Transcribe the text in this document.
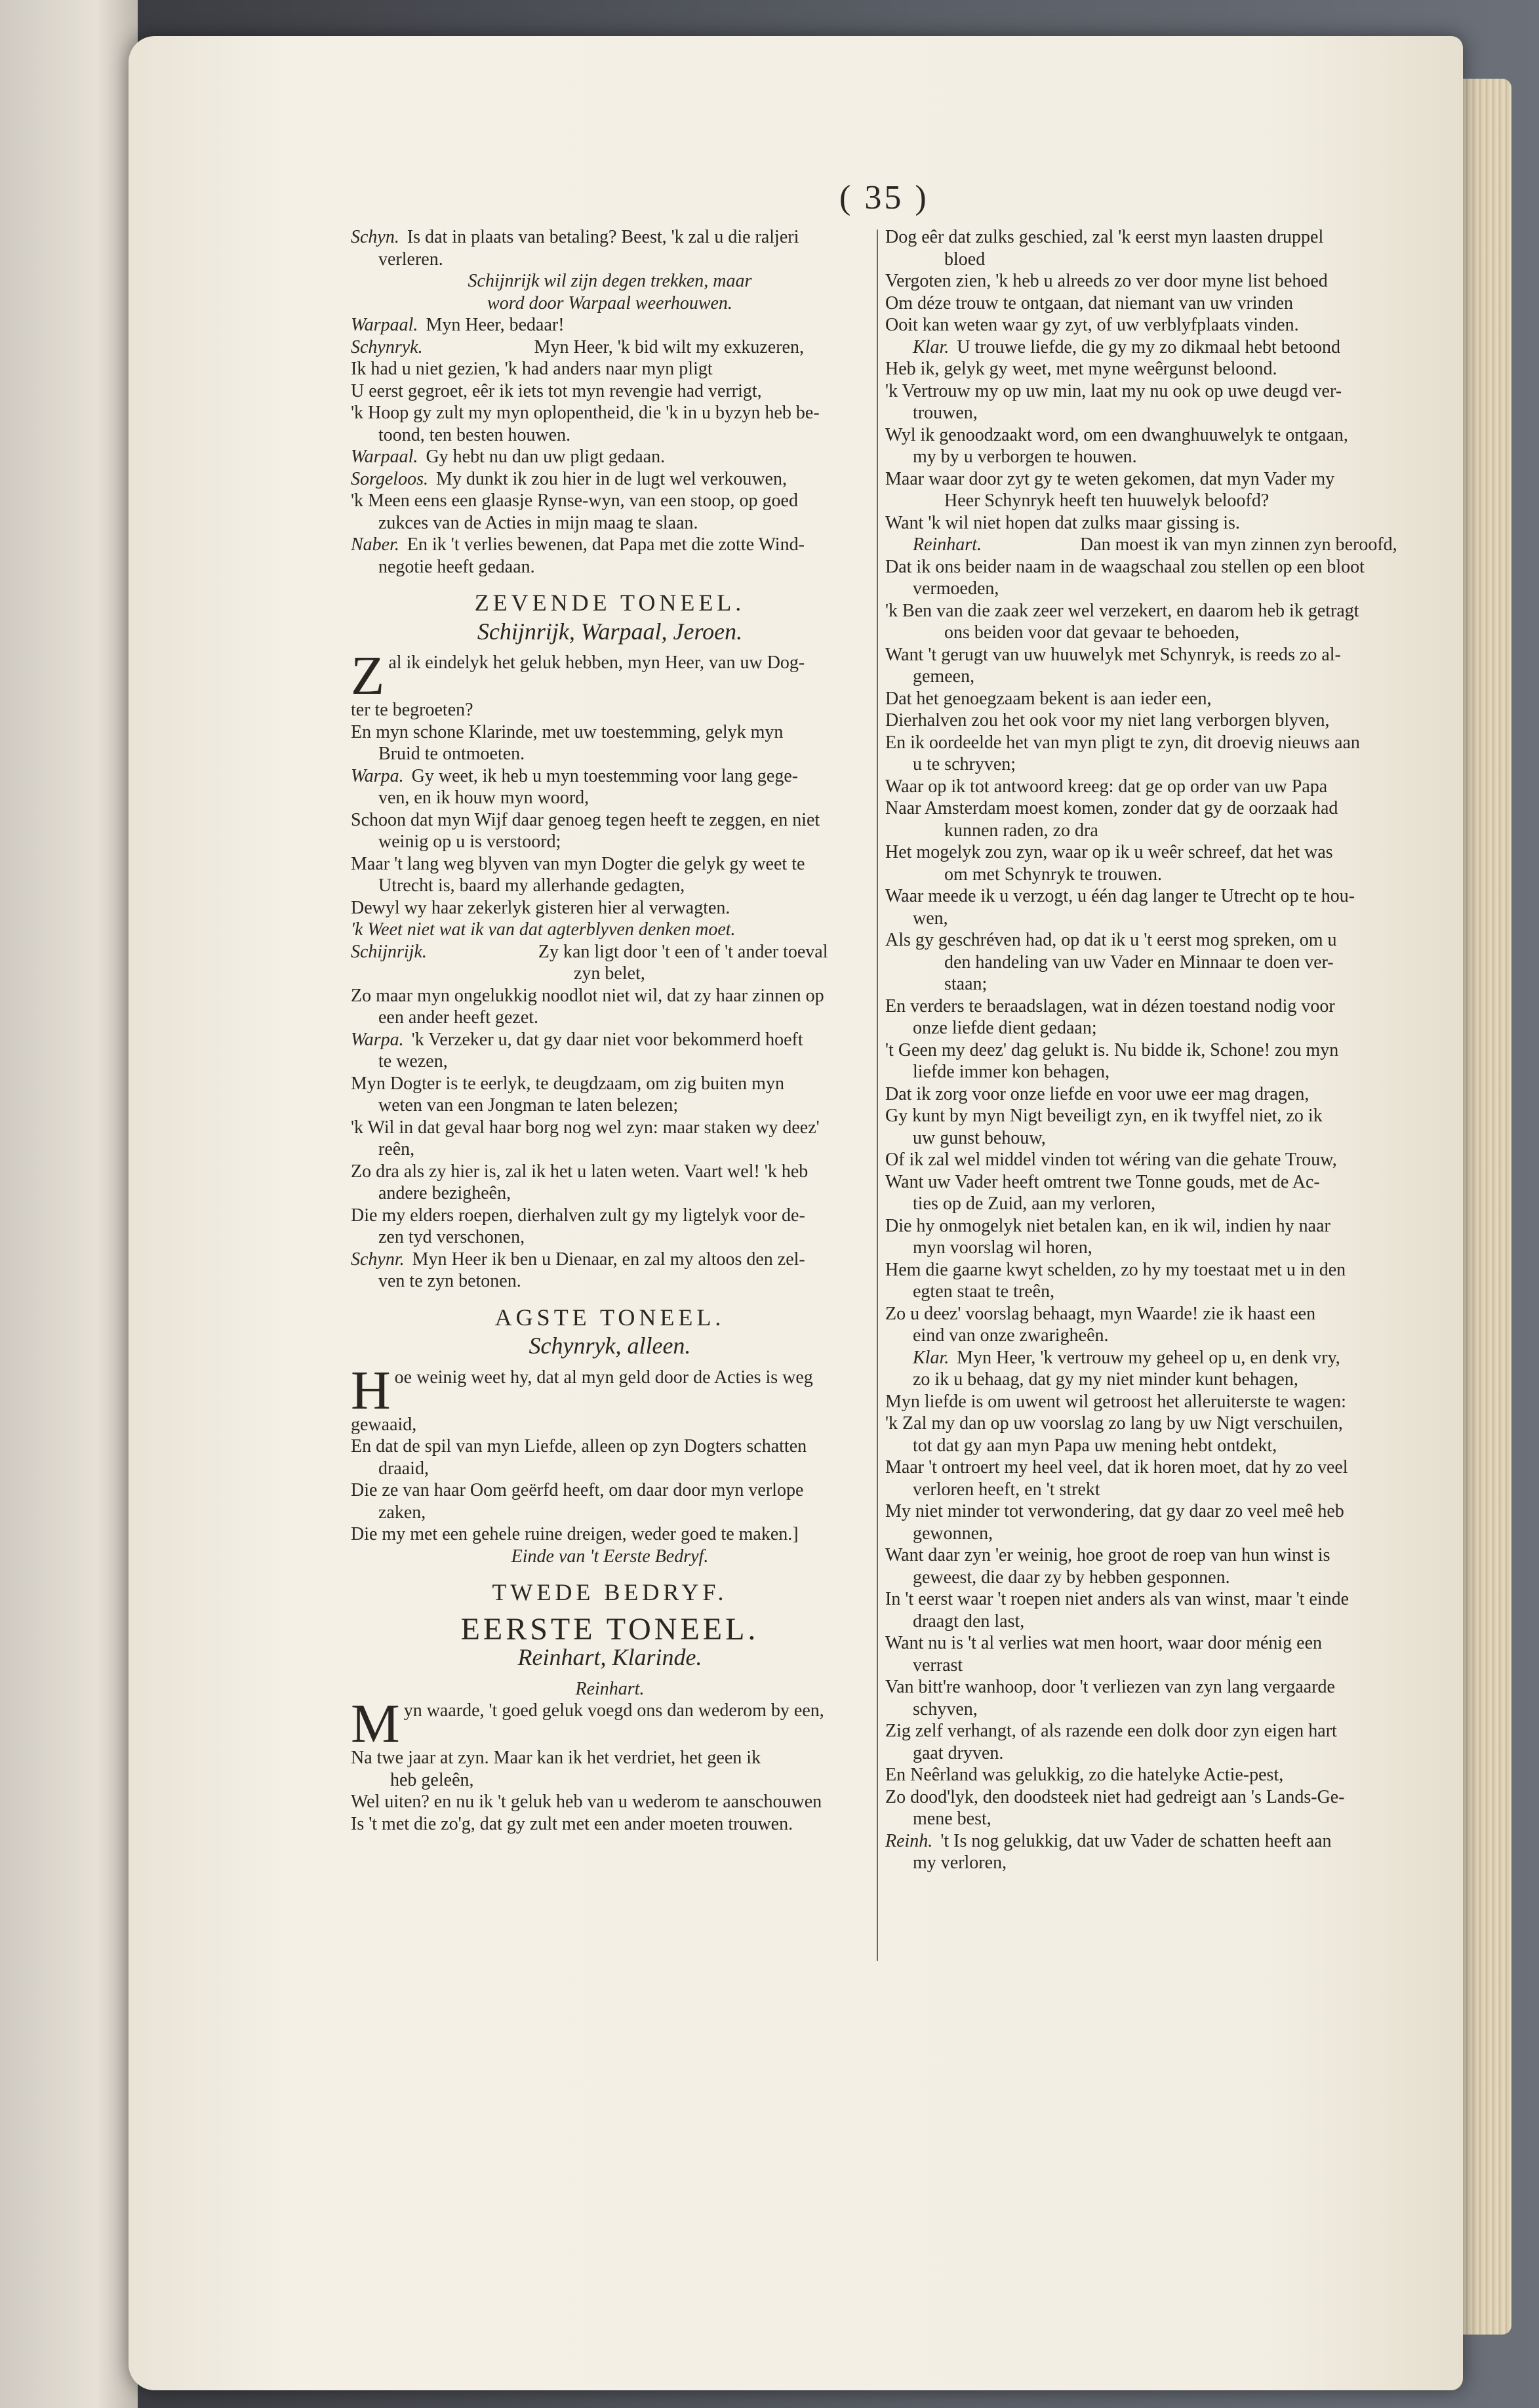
( 35 )
Schyn. Is dat in plaats van betaling? Beest, 'k zal u die raljeri
verleren.
Schijnrijk wil zijn degen trekken, maar
word door Warpaal weerhouwen.
Warpaal. Myn Heer, bedaar!
Schynryk.	Myn Heer, 'k bid wilt my exkuzeren,
Ik had u niet gezien, 'k had anders naar myn pligt
U eerst gegroet, eêr ik iets tot myn revengie had verrigt,
'k Hoop gy zult my myn oplopentheid, die 'k in u byzyn heb be-
toond, ten besten houwen.
Warpaal. Gy hebt nu dan uw pligt gedaan.
Sorgeloos. My dunkt ik zou hier in de lugt wel verkouwen,
'k Meen eens een glaasje Rynse-wyn, van een stoop, op goed
zukces van de Acties in mijn maag te slaan.
Naber. En ik 't verlies bewenen, dat Papa met die zotte Wind-
negotie heeft gedaan.
ZEVENDE TONEEL.
Schijnrijk, Warpaal, Jeroen.
Zal ik eindelyk het geluk hebben, myn Heer, van uw Dog-
ter te begroeten?
En myn schone Klarinde, met uw toestemming, gelyk myn
Bruid te ontmoeten.
Warpa. Gy weet, ik heb u myn toestemming voor lang gege-
ven, en ik houw myn woord,
Schoon dat myn Wijf daar genoeg tegen heeft te zeggen, en niet
weinig op u is verstoord;
Maar 't lang weg blyven van myn Dogter die gelyk gy weet te
Utrecht is, baard my allerhande gedagten,
Dewyl wy haar zekerlyk gisteren hier al verwagten.
'k Weet niet wat ik van dat agterblyven denken moet.
Schijnrijk.	Zy kan ligt door 't een of 't ander toeval
zyn belet,
Zo maar myn ongelukkig noodlot niet wil, dat zy haar zinnen op
een ander heeft gezet.
Warpa. 'k Verzeker u, dat gy daar niet voor bekommerd hoeft
te wezen,
Myn Dogter is te eerlyk, te deugdzaam, om zig buiten myn
weten van een Jongman te laten belezen;
'k Wil in dat geval haar borg nog wel zyn: maar staken wy deez'
reên,
Zo dra als zy hier is, zal ik het u laten weten. Vaart wel! 'k heb
andere bezigheên,
Die my elders roepen, dierhalven zult gy my ligtelyk voor de-
zen tyd verschonen,
Schynr. Myn Heer ik ben u Dienaar, en zal my altoos den zel-
ven te zyn betonen.
AGSTE TONEEL.
Schynryk, alleen.
Hoe weinig weet hy, dat al myn geld door de Acties is weg
gewaaid,
En dat de spil van myn Liefde, alleen op zyn Dogters schatten
draaid,
Die ze van haar Oom geërfd heeft, om daar door myn verlope
zaken,
Die my met een gehele ruine dreigen, weder goed te maken.]
Einde van 't Eerste Bedryf.
TWEDE BEDRYF.
EERSTE TONEEL.
Reinhart, Klarinde.
Reinhart.
Myn waarde, 't goed geluk voegd ons dan wederom by een,
Na twe jaar at zyn. Maar kan ik het verdriet, het geen ik
heb geleên,
Wel uiten? en nu ik 't geluk heb van u wederom te aanschouwen
Is 't met die zo'g, dat gy zult met een ander moeten trouwen.
Dog eêr dat zulks geschied, zal 'k eerst myn laasten druppel
bloed
Vergoten zien, 'k heb u alreeds zo ver door myne list behoed
Om déze trouw te ontgaan, dat niemant van uw vrinden
Ooit kan weten waar gy zyt, of uw verblyfplaats vinden.
Klar. U trouwe liefde, die gy my zo dikmaal hebt betoond
Heb ik, gelyk gy weet, met myne weêrgunst beloond.
'k Vertrouw my op uw min, laat my nu ook op uwe deugd ver-
trouwen,
Wyl ik genoodzaakt word, om een dwanghuuwelyk te ontgaan,
my by u verborgen te houwen.
Maar waar door zyt gy te weten gekomen, dat myn Vader my
Heer Schynryk heeft ten huuwelyk beloofd?
Want 'k wil niet hopen dat zulks maar gissing is.
Reinhart.	Dan moest ik van myn zinnen zyn beroofd,
Dat ik ons beider naam in de waagschaal zou stellen op een bloot
vermoeden,
'k Ben van die zaak zeer wel verzekert, en daarom heb ik getragt
ons beiden voor dat gevaar te behoeden,
Want 't gerugt van uw huuwelyk met Schynryk, is reeds zo al-
gemeen,
Dat het genoegzaam bekent is aan ieder een,
Dierhalven zou het ook voor my niet lang verborgen blyven,
En ik oordeelde het van myn pligt te zyn, dit droevig nieuws aan
u te schryven;
Waar op ik tot antwoord kreeg: dat ge op order van uw Papa
Naar Amsterdam moest komen, zonder dat gy de oorzaak had
kunnen raden, zo dra
Het mogelyk zou zyn, waar op ik u weêr schreef, dat het was
om met Schynryk te trouwen.
Waar meede ik u verzogt, u één dag langer te Utrecht op te hou-
wen,
Als gy geschréven had, op dat ik u 't eerst mog spreken, om u
den handeling van uw Vader en Minnaar te doen ver-
staan;
En verders te beraadslagen, wat in dézen toestand nodig voor
onze liefde dient gedaan;
't Geen my deez' dag gelukt is. Nu bidde ik, Schone! zou myn
liefde immer kon behagen,
Dat ik zorg voor onze liefde en voor uwe eer mag dragen,
Gy kunt by myn Nigt beveiligt zyn, en ik twyffel niet, zo ik
uw gunst behouw,
Of ik zal wel middel vinden tot wéring van die gehate Trouw,
Want uw Vader heeft omtrent twe Tonne gouds, met de Ac-
ties op de Zuid, aan my verloren,
Die hy onmogelyk niet betalen kan, en ik wil, indien hy naar
myn voorslag wil horen,
Hem die gaarne kwyt schelden, zo hy my toestaat met u in den
egten staat te treên,
Zo u deez' voorslag behaagt, myn Waarde! zie ik haast een
eind van onze zwarigheên.
Klar. Myn Heer, 'k vertrouw my geheel op u, en denk vry,
zo ik u behaag, dat gy my niet minder kunt behagen,
Myn liefde is om uwent wil getroost het alleruiterste te wagen:
'k Zal my dan op uw voorslag zo lang by uw Nigt verschuilen,
tot dat gy aan myn Papa uw mening hebt ontdekt,
Maar 't ontroert my heel veel, dat ik horen moet, dat hy zo veel
verloren heeft, en 't strekt
My niet minder tot verwondering, dat gy daar zo veel meê heb
gewonnen,
Want daar zyn 'er weinig, hoe groot de roep van hun winst is
geweest, die daar zy by hebben gesponnen.
In 't eerst waar 't roepen niet anders als van winst, maar 't einde
draagt den last,
Want nu is 't al verlies wat men hoort, waar door ménig een
verrast
Van bitt're wanhoop, door 't verliezen van zyn lang vergaarde
schyven,
Zig zelf verhangt, of als razende een dolk door zyn eigen hart
gaat dryven.
En Neêrland was gelukkig, zo die hatelyke Actie-pest,
Zo dood'lyk, den doodsteek niet had gedreigt aan 's Lands-Ge-
mene best,
Reinh. 't Is nog gelukkig, dat uw Vader de schatten heeft aan
my verloren,
